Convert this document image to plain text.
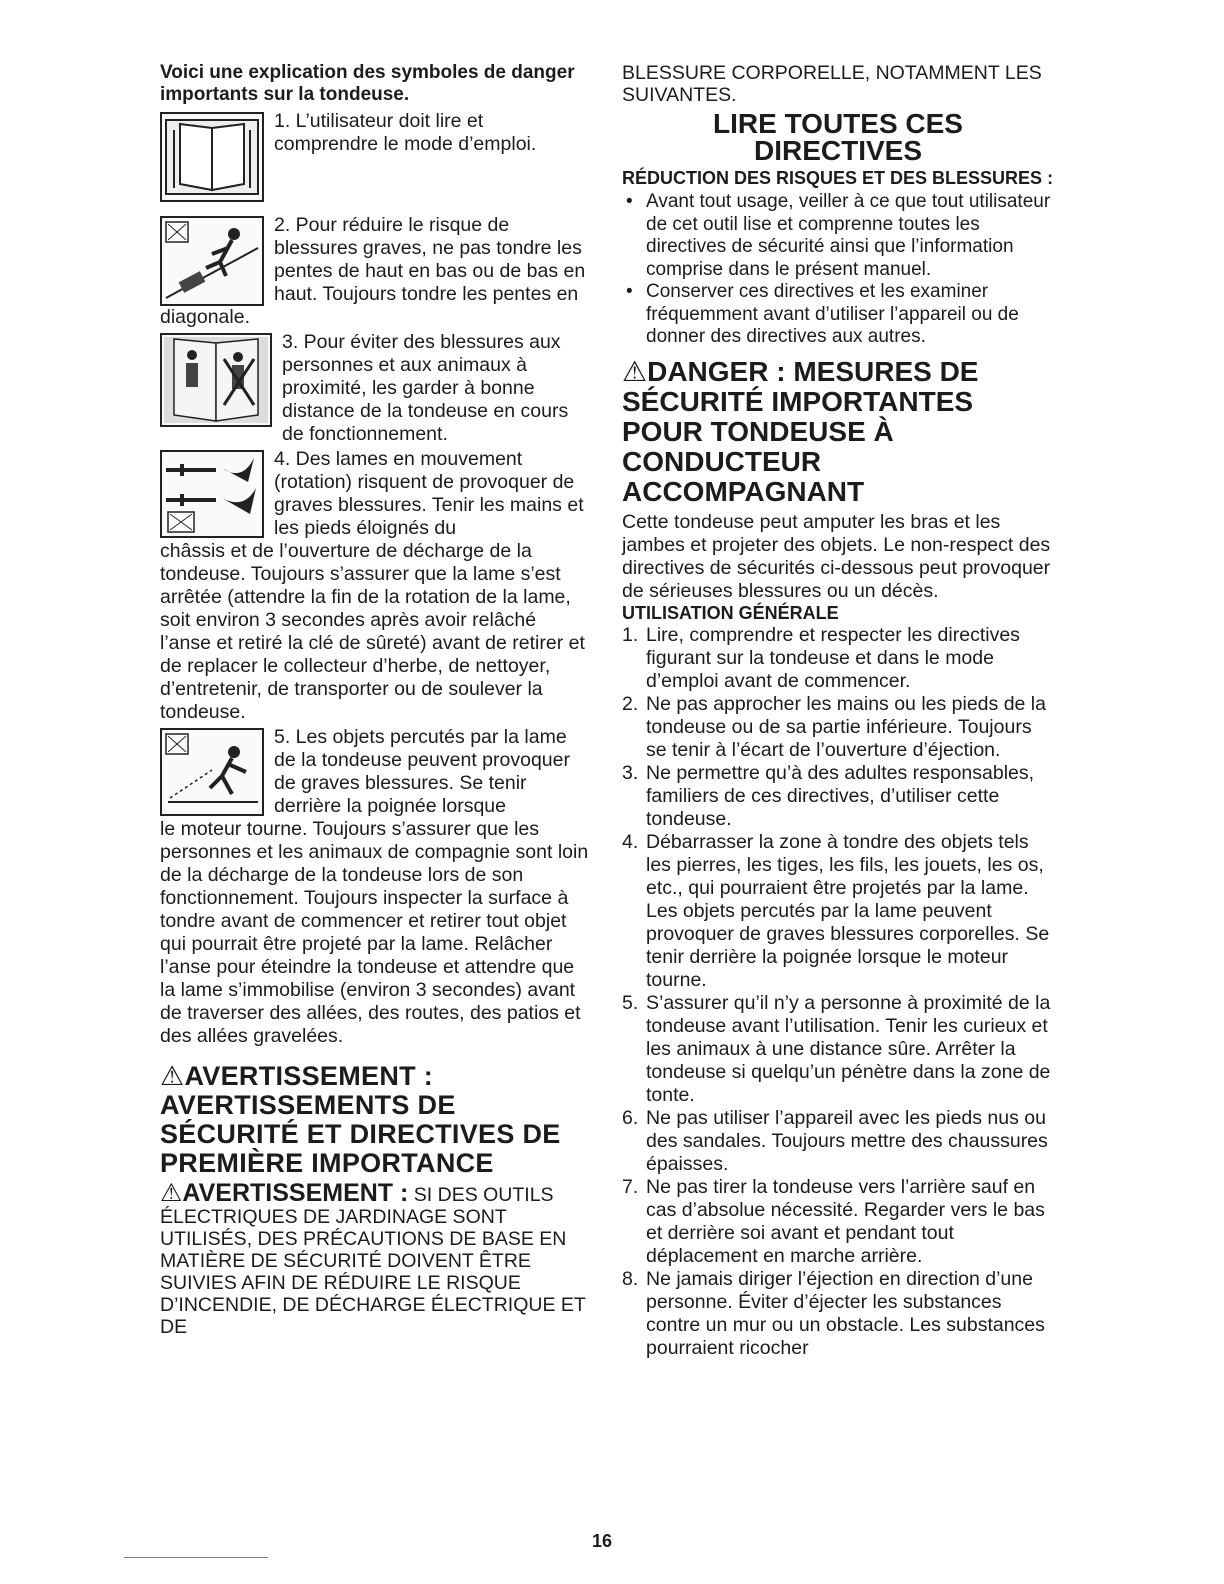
Voici une explication des symboles de danger importants sur la tondeuse.

1. L’utilisateur doit lire et comprendre le mode d’emploi.

2. Pour réduire le risque de blessures graves, ne pas tondre les pentes de haut en bas ou de bas en haut. Toujours tondre les pentes en diagonale.

3. Pour éviter des blessures aux personnes et aux animaux à proximité, les garder à bonne distance de la tondeuse en cours de fonctionnement.

4. Des lames en mouvement (rotation) risquent de provoquer de graves blessures. Tenir les mains et les pieds éloignés du

châssis et de l’ouverture de décharge de la tondeuse. Toujours s’assurer que la lame s’est arrêtée (attendre la fin de la rotation de la lame, soit environ 3 secondes après avoir relâché l’anse et retiré la clé de sûreté) avant de retirer et de replacer le collecteur d’herbe, de nettoyer, d’entretenir, de transporter ou de soulever la tondeuse.

5. Les objets percutés par la lame de la tondeuse peuvent provoquer de graves blessures. Se tenir derrière la poignée lorsque

le moteur tourne. Toujours s’assurer que les personnes et les animaux de compagnie sont loin de la décharge de la tondeuse lors de son fonctionnement. Toujours inspecter la surface à tondre avant de commencer et retirer tout objet qui pourrait être projeté par la lame. Relâcher l’anse pour éteindre la tondeuse et attendre que la lame s’immobilise (environ 3 secondes) avant de traverser des allées, des routes, des patios et des allées gravelées.

⚠AVERTISSEMENT : AVERTISSEMENTS DE SÉCURITÉ ET DIRECTIVES DE PREMIÈRE IMPORTANCE

⚠AVERTISSEMENT : SI DES OUTILS ÉLECTRIQUES DE JARDINAGE SONT UTILISÉS, DES PRÉCAUTIONS DE BASE EN MATIÈRE DE SÉCURITÉ DOIVENT ÊTRE SUIVIES AFIN DE RÉDUIRE LE RISQUE D’INCENDIE, DE DÉCHARGE ÉLECTRIQUE ET DE

BLESSURE CORPORELLE, NOTAMMENT LES SUIVANTES.

LIRE TOUTES CES DIRECTIVES

RÉDUCTION DES RISQUES ET DES BLESSURES :

• Avant tout usage, veiller à ce que tout utilisateur de cet outil lise et comprenne toutes les directives de sécurité ainsi que l’information comprise dans le présent manuel.
• Conserver ces directives et les examiner fréquemment avant d’utiliser l’appareil ou de donner des directives aux autres.

⚠DANGER : MESURES DE SÉCURITÉ IMPORTANTES POUR TONDEUSE À CONDUCTEUR ACCOMPAGNANT

Cette tondeuse peut amputer les bras et les jambes et projeter des objets. Le non-respect des directives de sécurités ci-dessous peut provoquer de sérieuses blessures ou un décès.

UTILISATION GÉNÉRALE

1. Lire, comprendre et respecter les directives figurant sur la tondeuse et dans le mode d’emploi avant de commencer.
2. Ne pas approcher les mains ou les pieds de la tondeuse ou de sa partie inférieure. Toujours se tenir à l’écart de l’ouverture d’éjection.
3. Ne permettre qu’à des adultes responsables, familiers de ces directives, d’utiliser cette tondeuse.
4. Débarrasser la zone à tondre des objets tels les pierres, les tiges, les fils, les jouets, les os, etc., qui pourraient être projetés par la lame. Les objets percutés par la lame peuvent provoquer de graves blessures corporelles. Se tenir derrière la poignée lorsque le moteur tourne.
5. S’assurer qu’il n’y a personne à proximité de la tondeuse avant l’utilisation. Tenir les curieux et les animaux à une distance sûre. Arrêter la tondeuse si quelqu’un pénètre dans la zone de tonte.
6. Ne pas utiliser l’appareil avec les pieds nus ou des sandales. Toujours mettre des chaussures épaisses.
7. Ne pas tirer la tondeuse vers l’arrière sauf en cas d’absolue nécessité. Regarder vers le bas et derrière soi avant et pendant tout déplacement en marche arrière.
8. Ne jamais diriger l’éjection en direction d’une personne. Éviter d’éjecter les substances contre un mur ou un obstacle. Les substances pourraient ricocher
16
